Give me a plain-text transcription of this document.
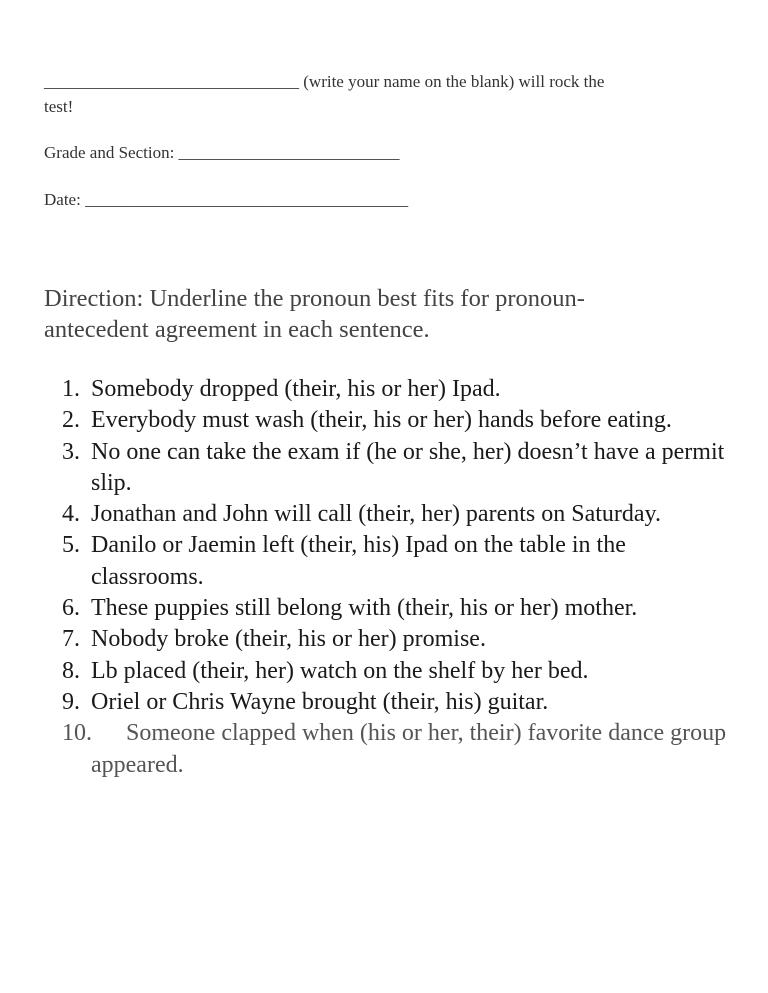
______________________________ (write your name on the blank) will rock the
test!
Grade and Section: __________________________
Date: ______________________________________
Direction: Underline the pronoun best fits for pronoun-
antecedent agreement in each sentence.
1. Somebody dropped (their, his or her) Ipad.
2. Everybody must wash (their, his or her) hands before eating.
3. No one can take the exam if (he or she, her) doesn’t have a permit slip.
4. Jonathan and John will call (their, her) parents on Saturday.
5. Danilo or Jaemin left (their, his) Ipad on the table in the classrooms.
6. These puppies still belong with (their, his or her) mother.
7. Nobody broke (their, his or her) promise.
8. Lb placed (their, her) watch on the shelf by her bed.
9. Oriel or Chris Wayne brought (their, his) guitar.
10. Someone clapped when (his or her, their) favorite dance group appeared.
